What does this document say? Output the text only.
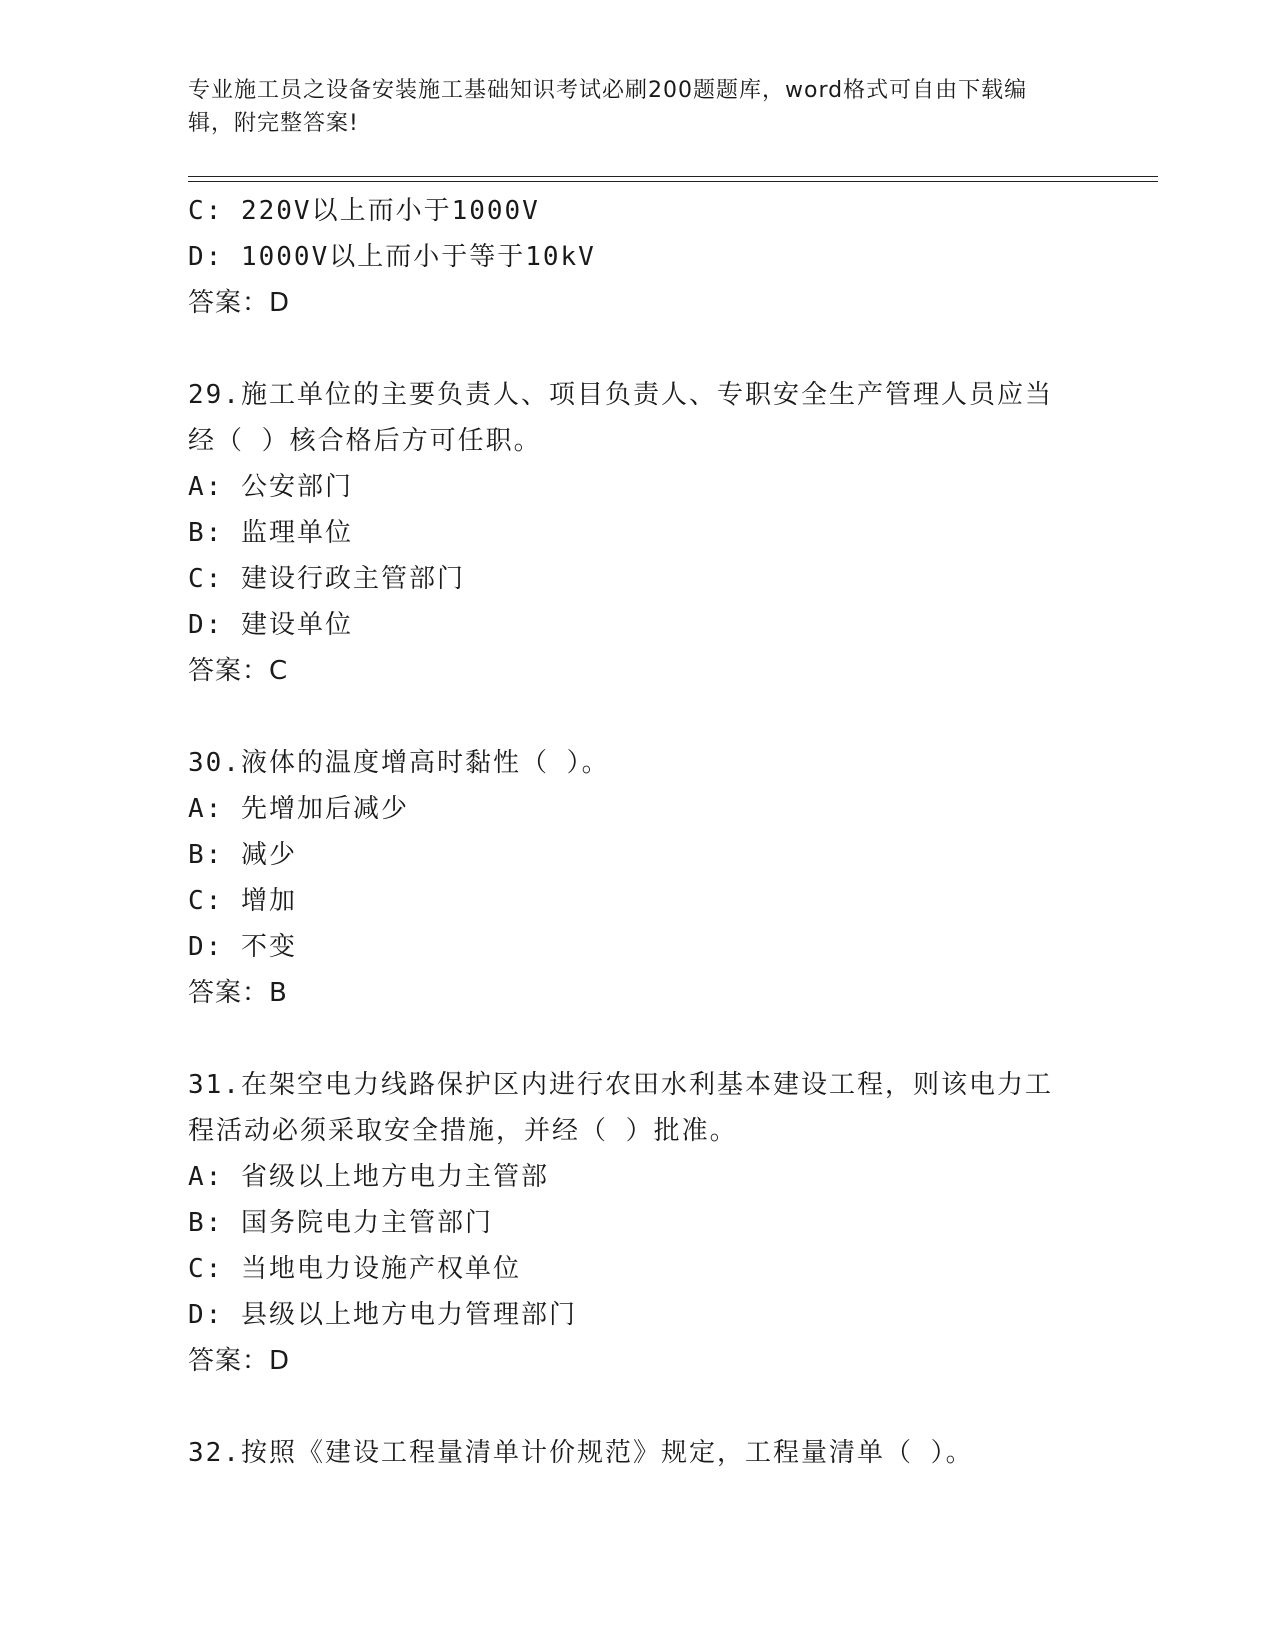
专业施工员之设备安装施工基础知识考试必刷200题题库，word格式可自由下载编辑，附完整答案!
C: 220V以上而小于1000V
D: 1000V以上而小于等于10kV
答案：D
29.施工单位的主要负责人、项目负责人、专职安全生产管理人员应当
经（ ）核合格后方可任职。
A: 公安部门
B: 监理单位
C: 建设行政主管部门
D: 建设单位
答案：C
30.液体的温度增高时黏性（ ）。
A: 先增加后减少
B: 减少
C: 增加
D: 不变
答案：B
31.在架空电力线路保护区内进行农田水利基本建设工程，则该电力工
程活动必须采取安全措施，并经（ ）批准。
A: 省级以上地方电力主管部
B: 国务院电力主管部门
C: 当地电力设施产权单位
D: 县级以上地方电力管理部门
答案：D
32.按照《建设工程量清单计价规范》规定，工程量清单（ ）。
